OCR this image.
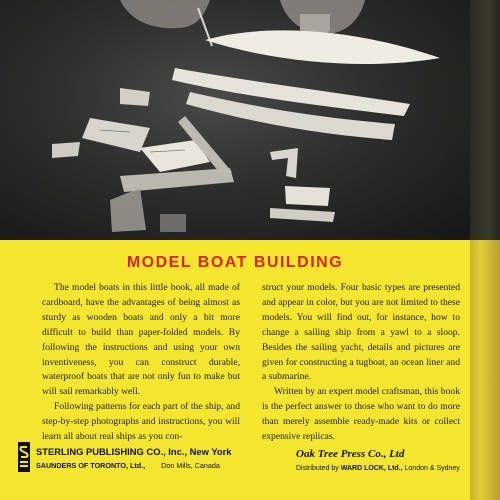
MODEL BOAT BUILDING

The model boats in this little book, all made of cardboard, have the advantages of being almost as sturdy as wooden boats and only a bit more difficult to build than paper-folded models. By following the instructions and using your own inventiveness, you can construct durable, waterproof boats that are not only fun to make but will sail remarkably well.

Following patterns for each part of the ship, and step-by-step photographs and instructions, you will learn all about real ships as you con-

struct your models. Four basic types are presented and appear in color, but you are not limited to these models. You will find out, for instance, how to change a sailing ship from a yawl to a sloop. Besides the sailing yacht, details and pictures are given for constructing a tugboat, an ocean liner and a submarine.

Written by an expert model craftsman, this book is the perfect answer to those who want to do more than merely assemble ready-made kits or collect expensive replicas.

STERLING PUBLISHING CO., Inc., New York
SAUNDERS OF TORONTO, Ltd., Don Mills, Canada
Oak Tree Press Co., Ltd
Distributed by WARD LOCK, Ltd., London & Sydney
